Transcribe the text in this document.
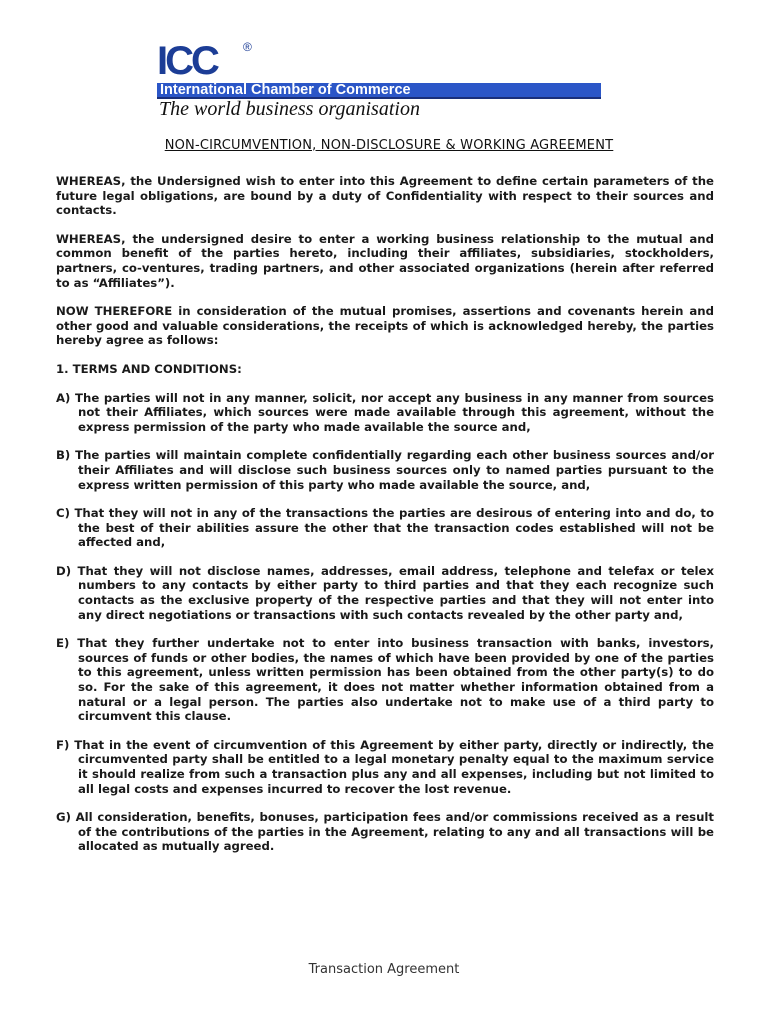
ICC ®
International Chamber of Commerce
The world business organisation
NON-CIRCUMVENTION, NON-DISCLOSURE & WORKING AGREEMENT

WHEREAS, the Undersigned wish to enter into this Agreement to define certain parameters of the future legal obligations, are bound by a duty of Confidentiality with respect to their sources and contacts.

WHEREAS, the undersigned desire to enter a working business relationship to the mutual and common benefit of the parties hereto, including their affiliates, subsidiaries, stockholders, partners, co-ventures, trading partners, and other associated organizations (herein after referred to as “Affiliates”).

NOW THEREFORE in consideration of the mutual promises, assertions and covenants herein and other good and valuable considerations, the receipts of which is acknowledged hereby, the parties hereby agree as follows:

1. TERMS AND CONDITIONS:

A) The parties will not in any manner, solicit, nor accept any business in any manner from sources not their Affiliates, which sources were made available through this agreement, without the express permission of the party who made available the source and,

B) The parties will maintain complete confidentially regarding each other business sources and/or their Affiliates and will disclose such business sources only to named parties pursuant to the express written permission of this party who made available the source, and,

C) That they will not in any of the transactions the parties are desirous of entering into and do, to the best of their abilities assure the other that the transaction codes established will not be affected and,

D) That they will not disclose names, addresses, email address, telephone and telefax or telex numbers to any contacts by either party to third parties and that they each recognize such contacts as the exclusive property of the respective parties and that they will not enter into any direct negotiations or transactions with such contacts revealed by the other party and,

E) That they further undertake not to enter into business transaction with banks, investors, sources of funds or other bodies, the names of which have been provided by one of the parties to this agreement, unless written permission has been obtained from the other party(s) to do so. For the sake of this agreement, it does not matter whether information obtained from a natural or a legal person. The parties also undertake not to make use of a third party to circumvent this clause.

F) That in the event of circumvention of this Agreement by either party, directly or indirectly, the circumvented party shall be entitled to a legal monetary penalty equal to the maximum service it should realize from such a transaction plus any and all expenses, including but not limited to all legal costs and expenses incurred to recover the lost revenue.

G) All consideration, benefits, bonuses, participation fees and/or commissions received as a result of the contributions of the parties in the Agreement, relating to any and all transactions will be allocated as mutually agreed.

Transaction Agreement
